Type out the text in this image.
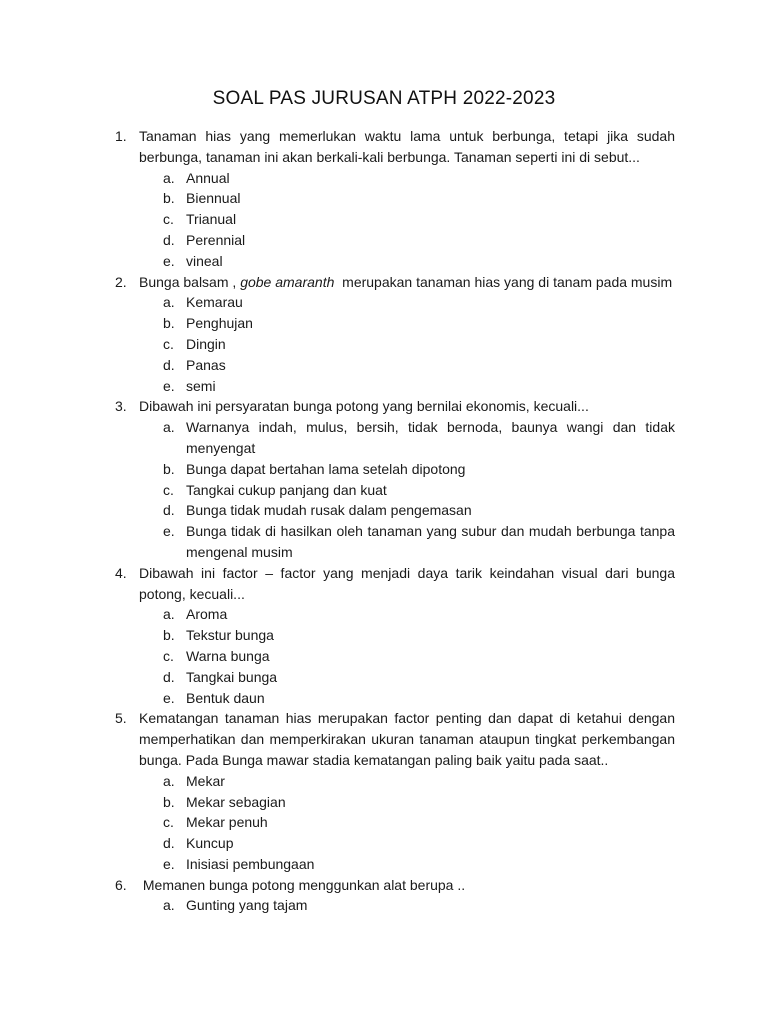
SOAL PAS JURUSAN ATPH 2022-2023
1. Tanaman hias yang memerlukan waktu lama untuk berbunga, tetapi jika sudah berbunga, tanaman ini akan berkali-kali berbunga. Tanaman seperti ini di sebut...
a. Annual
b. Biennual
c. Trianual
d. Perennial
e. vineal
2. Bunga balsam , gobe amaranth merupakan tanaman hias yang di tanam pada musim
a. Kemarau
b. Penghujan
c. Dingin
d. Panas
e. semi
3. Dibawah ini persyaratan bunga potong yang bernilai ekonomis, kecuali...
a. Warnanya indah, mulus, bersih, tidak bernoda, baunya wangi dan tidak menyengat
b. Bunga dapat bertahan lama setelah dipotong
c. Tangkai cukup panjang dan kuat
d. Bunga tidak mudah rusak dalam pengemasan
e. Bunga tidak di hasilkan oleh tanaman yang subur dan mudah berbunga tanpa mengenal musim
4. Dibawah ini factor – factor yang menjadi daya tarik keindahan visual dari bunga potong, kecuali...
a. Aroma
b. Tekstur bunga
c. Warna bunga
d. Tangkai bunga
e. Bentuk daun
5. Kematangan tanaman hias merupakan factor penting dan dapat di ketahui dengan memperhatikan dan memperkirakan ukuran tanaman ataupun tingkat perkembangan bunga. Pada Bunga mawar stadia kematangan paling baik yaitu pada saat..
a. Mekar
b. Mekar sebagian
c. Mekar penuh
d. Kuncup
e. Inisiasi pembungaan
6. Memanen bunga potong menggunkan alat berupa ..
a. Gunting yang tajam
